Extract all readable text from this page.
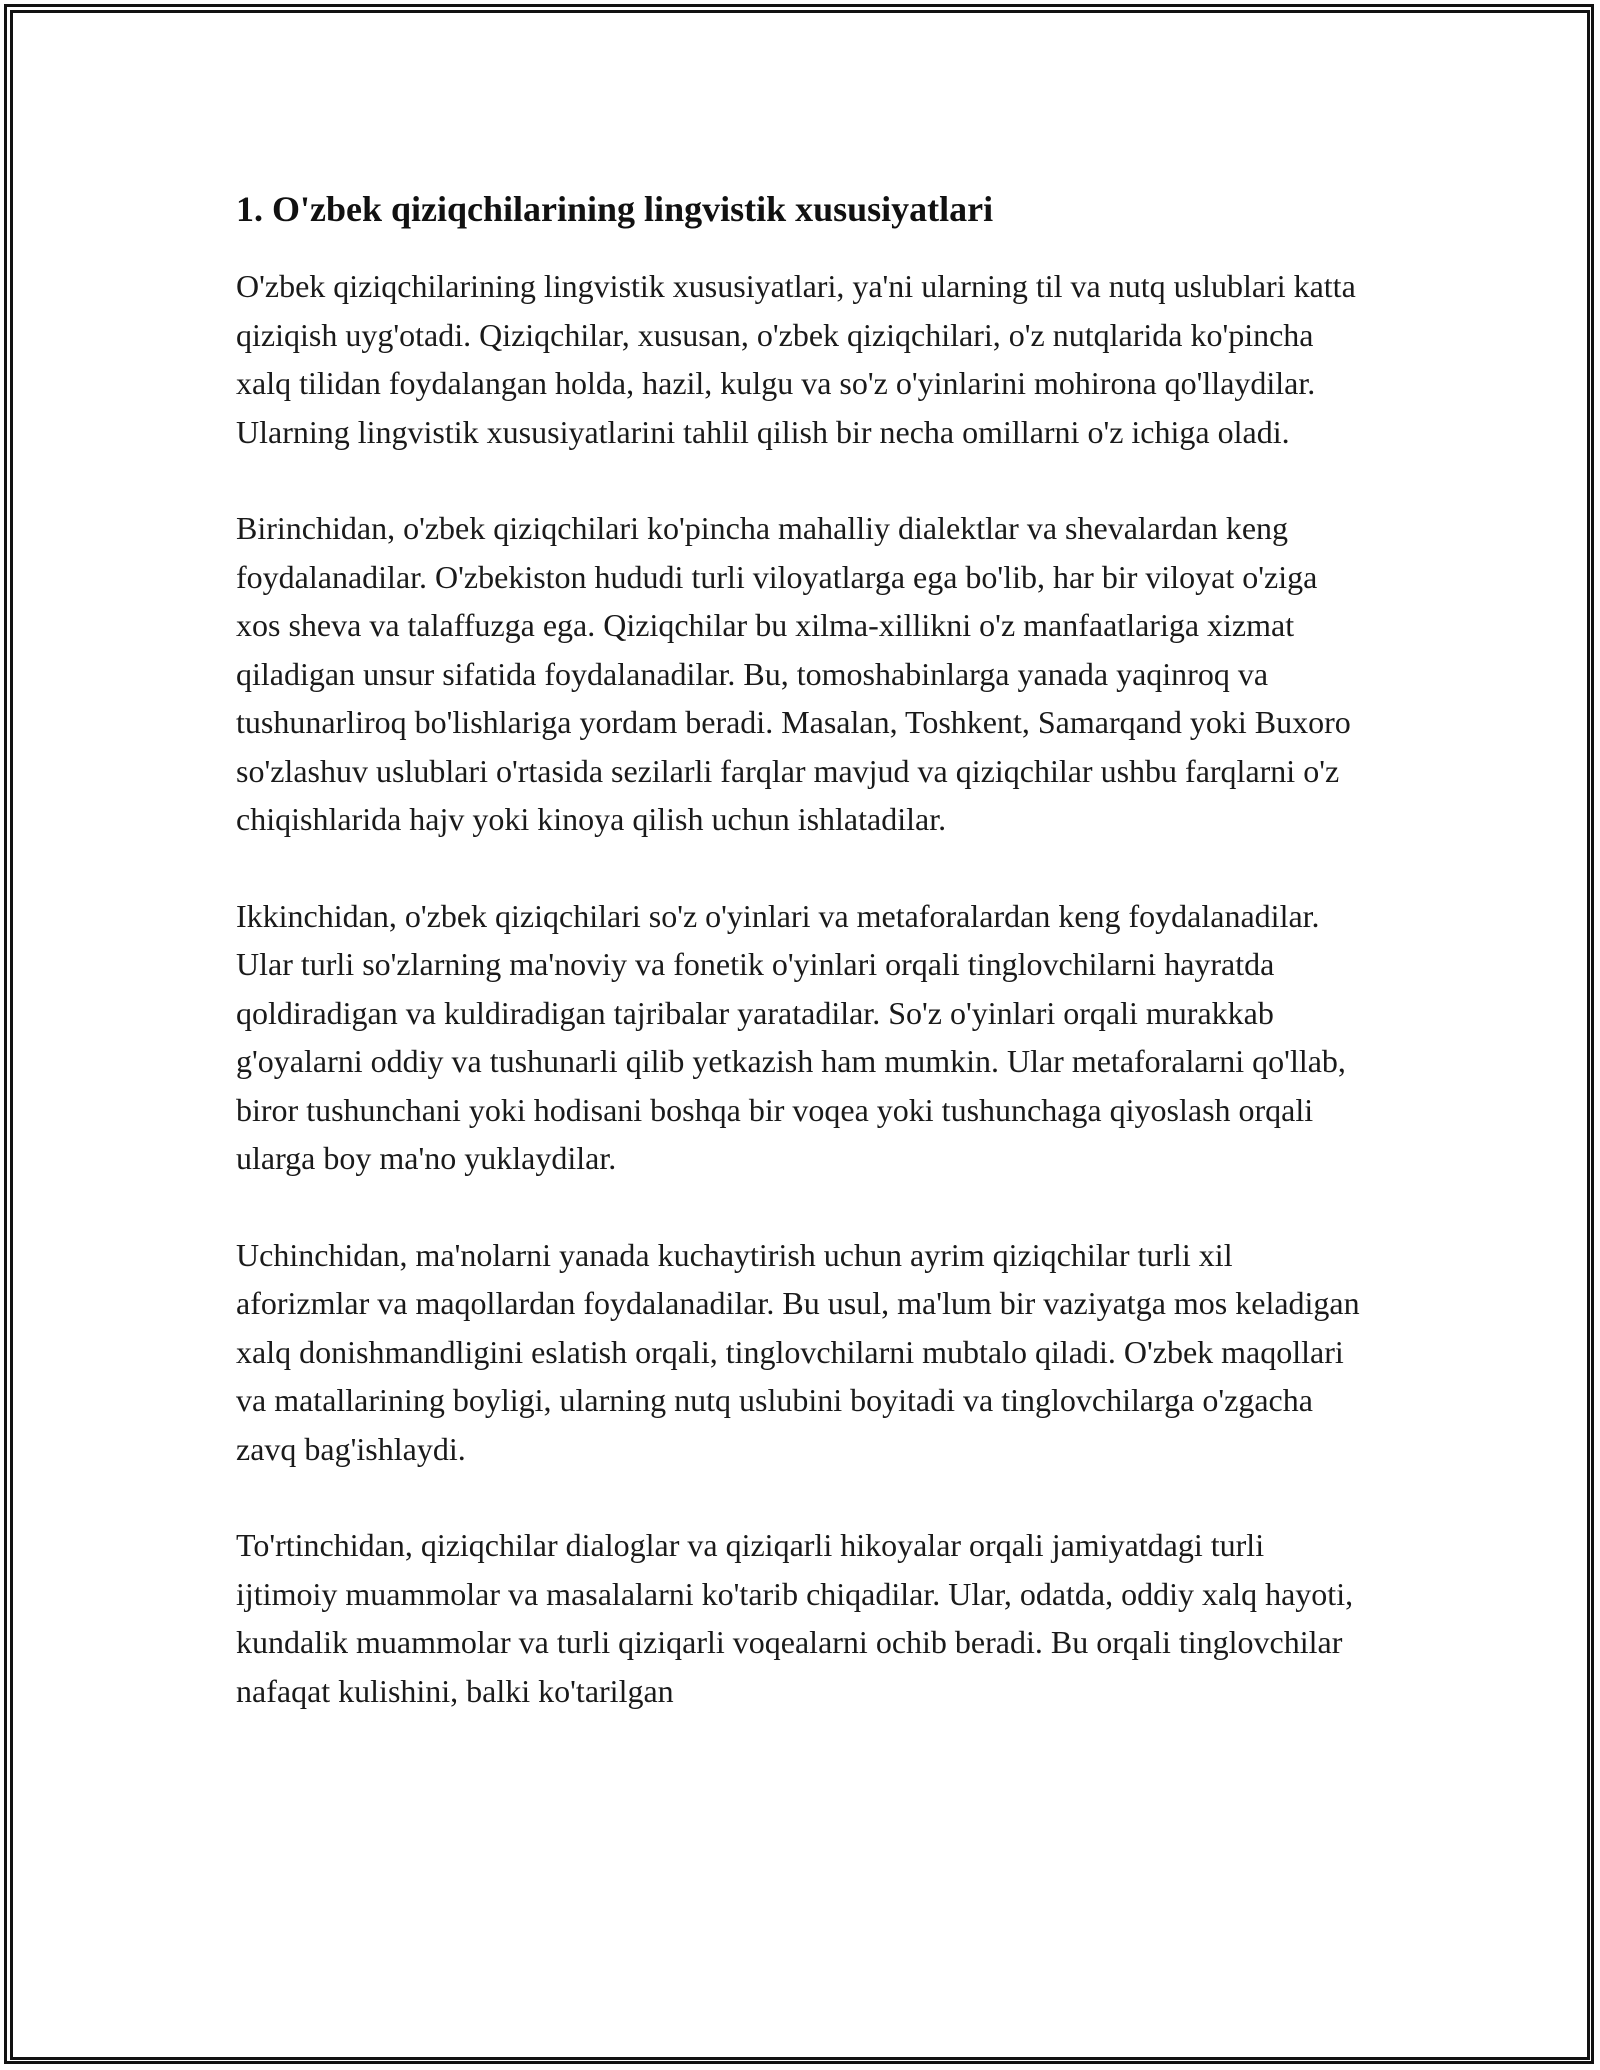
1. O'zbek qiziqchilarining lingvistik xususiyatlari

O'zbek qiziqchilarining lingvistik xususiyatlari, ya'ni ularning til va nutq uslublari katta qiziqish uyg'otadi. Qiziqchilar, xususan, o'zbek qiziqchilari, o'z nutqlarida ko'pincha xalq tilidan foydalangan holda, hazil, kulgu va so'z o'yinlarini mohirona qo'llaydilar. Ularning lingvistik xususiyatlarini tahlil qilish bir necha omillarni o'z ichiga oladi.

Birinchidan, o'zbek qiziqchilari ko'pincha mahalliy dialektlar va shevalardan keng foydalanadilar. O'zbekiston hududi turli viloyatlarga ega bo'lib, har bir viloyat o'ziga xos sheva va talaffuzga ega. Qiziqchilar bu xilma-xillikni o'z manfaatlariga xizmat qiladigan unsur sifatida foydalanadilar. Bu, tomoshabinlarga yanada yaqinroq va tushunarliroq bo'lishlariga yordam beradi. Masalan, Toshkent, Samarqand yoki Buxoro so'zlashuv uslublari o'rtasida sezilarli farqlar mavjud va qiziqchilar ushbu farqlarni o'z chiqishlarida hajv yoki kinoya qilish uchun ishlatadilar.

Ikkinchidan, o'zbek qiziqchilari so'z o'yinlari va metaforalardan keng foydalanadilar. Ular turli so'zlarning ma'noviy va fonetik o'yinlari orqali tinglovchilarni hayratda qoldiradigan va kuldiradigan tajribalar yaratadilar. So'z o'yinlari orqali murakkab g'oyalarni oddiy va tushunarli qilib yetkazish ham mumkin. Ular metaforalarni qo'llab, biror tushunchani yoki hodisani boshqa bir voqea yoki tushunchaga qiyoslash orqali ularga boy ma'no yuklaydilar.

Uchinchidan, ma'nolarni yanada kuchaytirish uchun ayrim qiziqchilar turli xil aforizmlar va maqollardan foydalanadilar. Bu usul, ma'lum bir vaziyatga mos keladigan xalq donishmandligini eslatish orqali, tinglovchilarni mubtalo qiladi. O'zbek maqollari va matallarining boyligi, ularning nutq uslubini boyitadi va tinglovchilarga o'zgacha zavq bag'ishlaydi.

To'rtinchidan, qiziqchilar dialoglar va qiziqarli hikoyalar orqali jamiyatdagi turli ijtimoiy muammolar va masalalarni ko'tarib chiqadilar. Ular, odatda, oddiy xalq hayoti, kundalik muammolar va turli qiziqarli voqealarni ochib beradi. Bu orqali tinglovchilar nafaqat kulishini, balki ko'tarilgan
